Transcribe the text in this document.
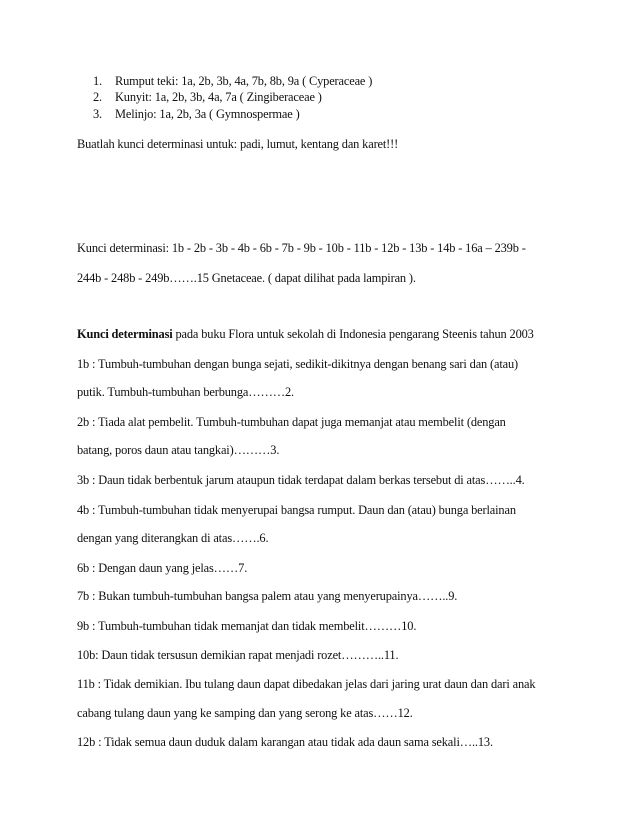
1. Rumput teki: 1a, 2b, 3b, 4a, 7b, 8b, 9a ( Cyperaceae )
2. Kunyit: 1a, 2b, 3b, 4a, 7a ( Zingiberaceae )
3. Melinjo: 1a, 2b, 3a ( Gymnospermae )
Buatlah kunci determinasi untuk: padi, lumut, kentang dan karet!!!
Kunci determinasi: 1b - 2b - 3b - 4b - 6b - 7b - 9b - 10b - 11b - 12b - 13b - 14b - 16a – 239b -
244b - 248b - 249b…….15 Gnetaceae. ( dapat dilihat pada lampiran ).
Kunci determinasi pada buku Flora untuk sekolah di Indonesia pengarang Steenis tahun 2003
1b : Tumbuh-tumbuhan dengan bunga sejati, sedikit-dikitnya dengan benang sari dan (atau)
putik. Tumbuh-tumbuhan berbunga………2.
2b : Tiada alat pembelit. Tumbuh-tumbuhan dapat juga memanjat atau membelit (dengan
batang, poros daun atau tangkai)………3.
3b : Daun tidak berbentuk jarum ataupun tidak terdapat dalam berkas tersebut di atas……..4.
4b : Tumbuh-tumbuhan tidak menyerupai bangsa rumput. Daun dan (atau) bunga berlainan
dengan yang diterangkan di atas…….6.
6b : Dengan daun yang jelas……7.
7b : Bukan tumbuh-tumbuhan bangsa palem atau yang menyerupainya……..9.
9b : Tumbuh-tumbuhan tidak memanjat dan tidak membelit………10.
10b: Daun tidak tersusun demikian rapat menjadi rozet………..11.
11b : Tidak demikian. Ibu tulang daun dapat dibedakan jelas dari jaring urat daun dan dari anak
cabang tulang daun yang ke samping dan yang serong ke atas……12.
12b : Tidak semua daun duduk dalam karangan atau tidak ada daun sama sekali…..13.
